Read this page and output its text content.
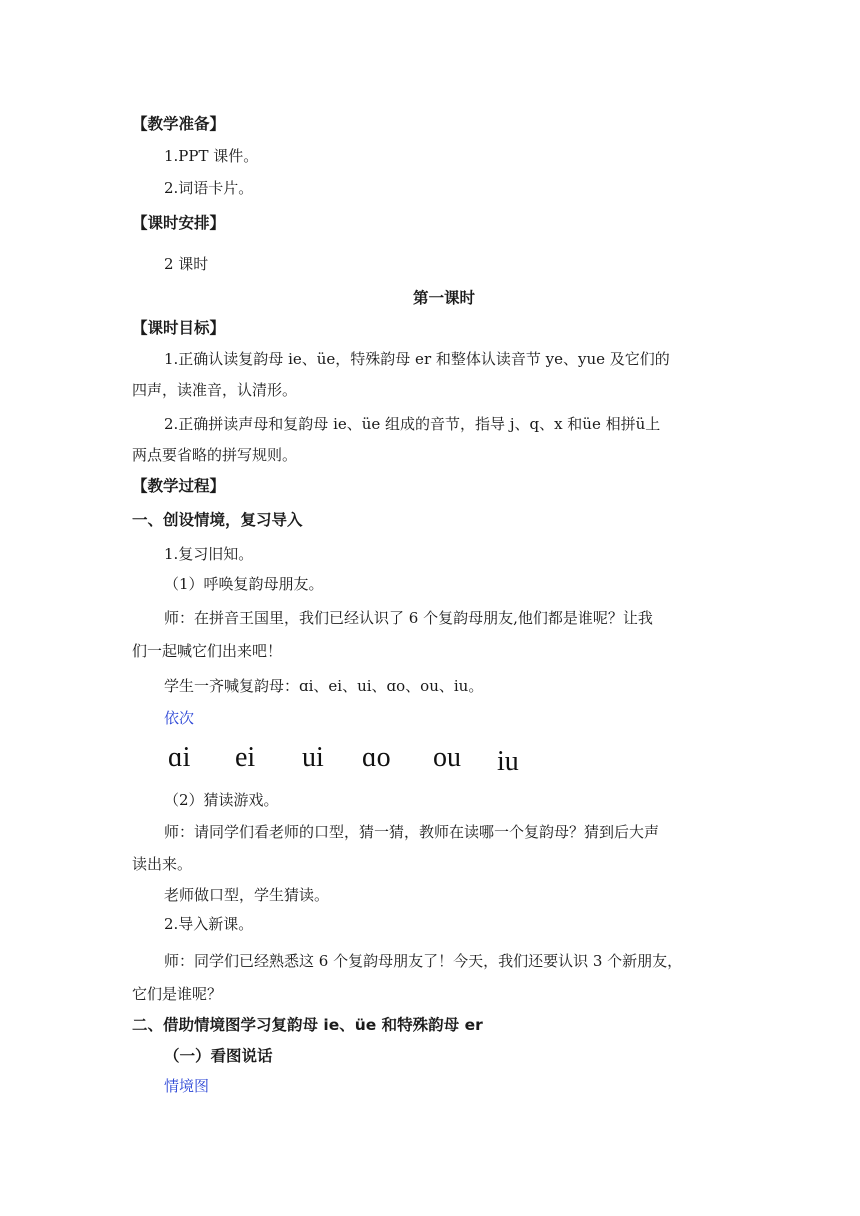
【教学准备】
1.PPT 课件。
2.词语卡片。
【课时安排】
2 课时
第一课时
【课时目标】
1.正确认读复韵母 ie、üe，特殊韵母 er 和整体认读音节 ye、yue 及它们的
四声，读准音，认清形。
2.正确拼读声母和复韵母 ie、üe 组成的音节，指导 j、q、x 和üe 相拼ü上
两点要省略的拼写规则。
【教学过程】
一、创设情境，复习导入
1.复习旧知。
（1）呼唤复韵母朋友。
师：在拼音王国里，我们已经认识了 6 个复韵母朋友,他们都是谁呢？让我
们一起喊它们出来吧！
学生一齐喊复韵母：ɑi、ei、ui、ɑo、ou、iu。
依次
ɑi ei ui ɑo ou iu
（2）猜读游戏。
师：请同学们看老师的口型，猜一猜，教师在读哪一个复韵母？猜到后大声
读出来。
老师做口型，学生猜读。
2.导入新课。
师：同学们已经熟悉这 6 个复韵母朋友了！今天，我们还要认识 3 个新朋友，
它们是谁呢？
二、借助情境图学习复韵母 ie、üe 和特殊韵母 er
（一）看图说话
情境图
